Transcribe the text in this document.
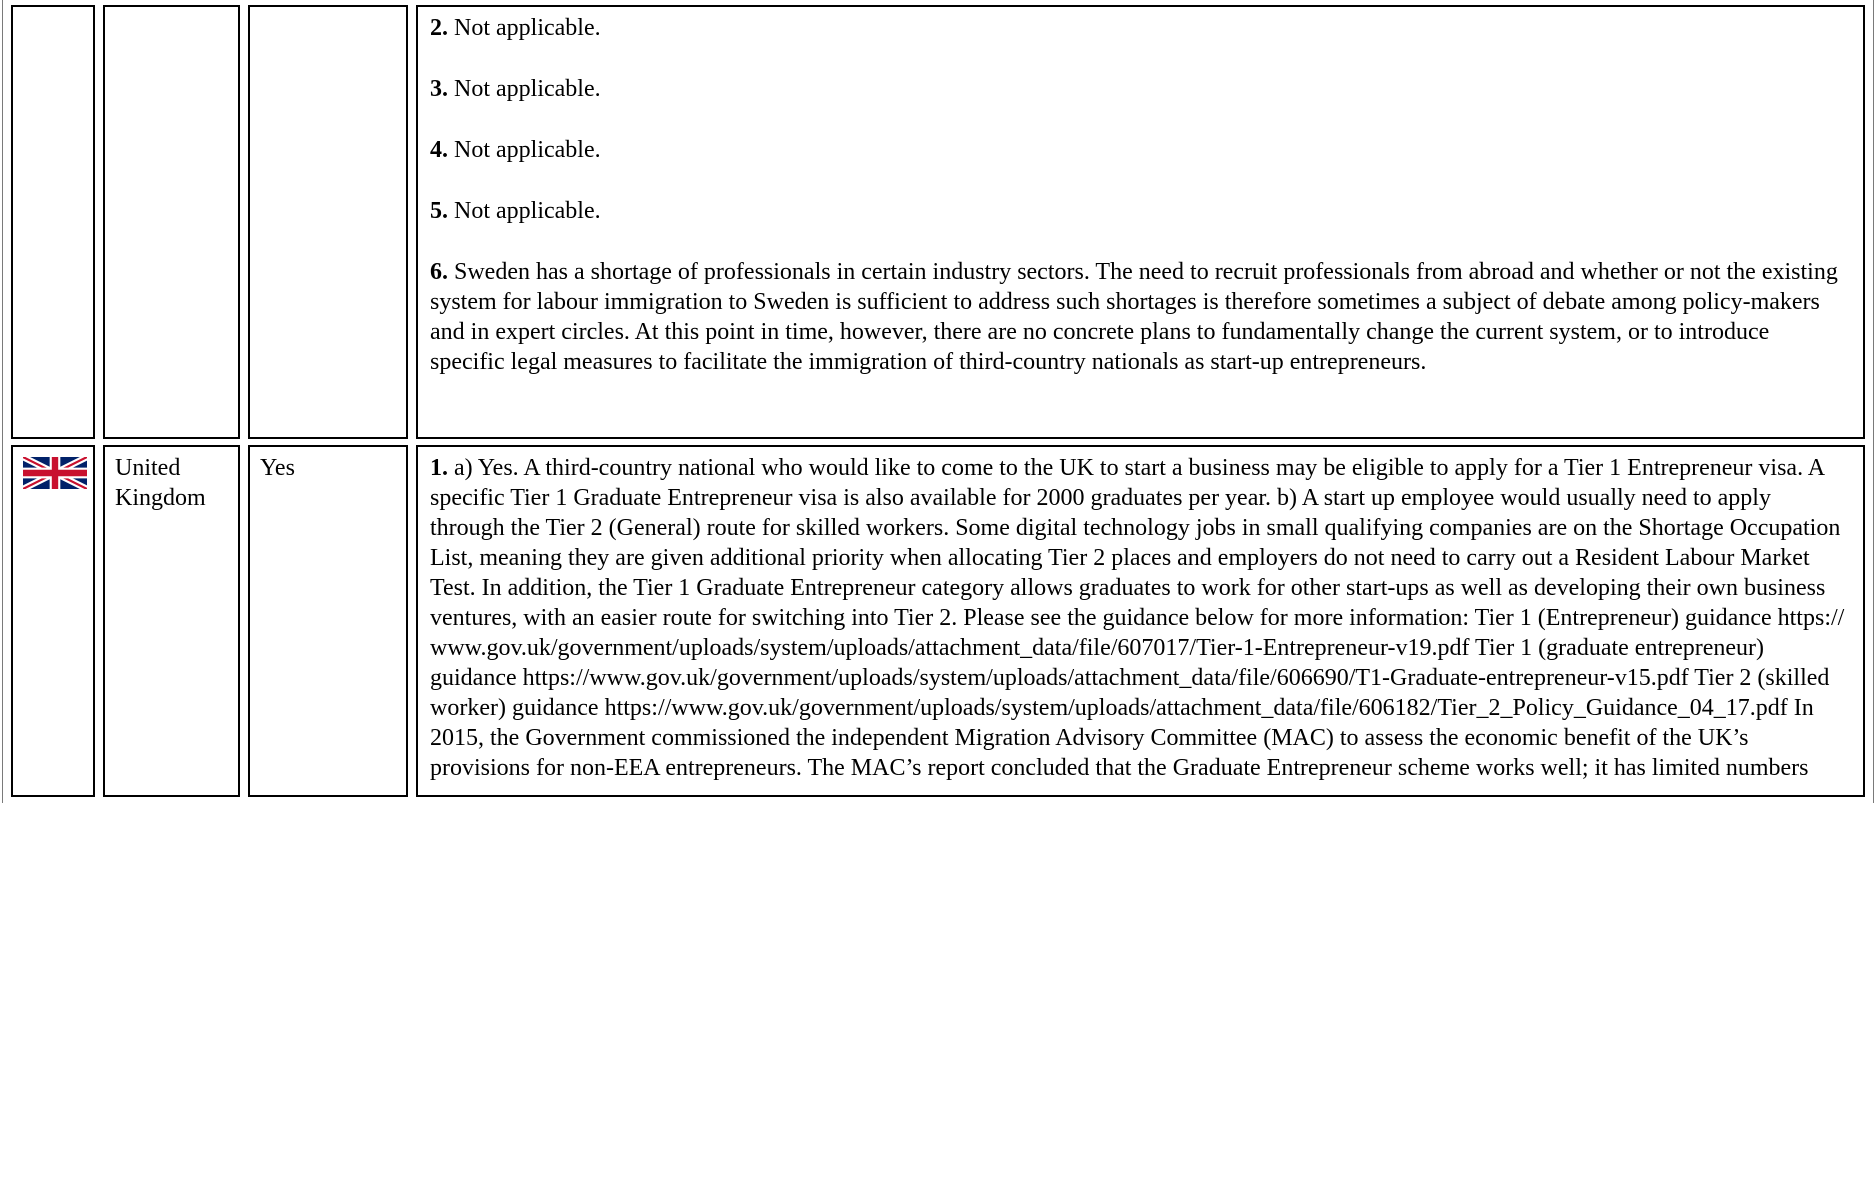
			2. Not applicable.

3. Not applicable.

4. Not applicable.

5. Not applicable.

6. Sweden has a shortage of professionals in certain industry sectors. The need to recruit professionals from abroad and whether or not the existing system for labour immigration to Sweden is sufficient to address such shortages is therefore sometimes a subject of debate among policy-makers and in expert circles. At this point in time, however, there are no concrete plans to fundamentally change the current system, or to introduce specific legal measures to facilitate the immigration of third-country nationals as start-up entrepreneurs.

United Kingdom	Yes	1. a) Yes. A third-country national who would like to come to the UK to start a business may be eligible to apply for a Tier 1 Entrepreneur visa. A specific Tier 1 Graduate Entrepreneur visa is also available for 2000 graduates per year. b) A start up employee would usually need to apply through the Tier 2 (General) route for skilled workers. Some digital technology jobs in small qualifying companies are on the Shortage Occupation List, meaning they are given additional priority when allocating Tier 2 places and employers do not need to carry out a Resident Labour Market Test. In addition, the Tier 1 Graduate Entrepreneur category allows graduates to work for other start-ups as well as developing their own business ventures, with an easier route for switching into Tier 2. Please see the guidance below for more information: Tier 1 (Entrepreneur) guidance https://www.gov.uk/government/uploads/system/uploads/attachment_data/file/607017/Tier-1-Entrepreneur-v19.pdf Tier 1 (graduate entrepreneur) guidance https://www.gov.uk/government/uploads/system/uploads/attachment_data/file/606690/T1-Graduate-entrepreneur-v15.pdf Tier 2 (skilled worker) guidance https://www.gov.uk/government/uploads/system/uploads/attachment_data/file/606182/Tier_2_Policy_Guidance_04_17.pdf In 2015, the Government commissioned the independent Migration Advisory Committee (MAC) to assess the economic benefit of the UK’s provisions for non-EEA entrepreneurs. The MAC’s report concluded that the Graduate Entrepreneur scheme works well; it has limited numbers
